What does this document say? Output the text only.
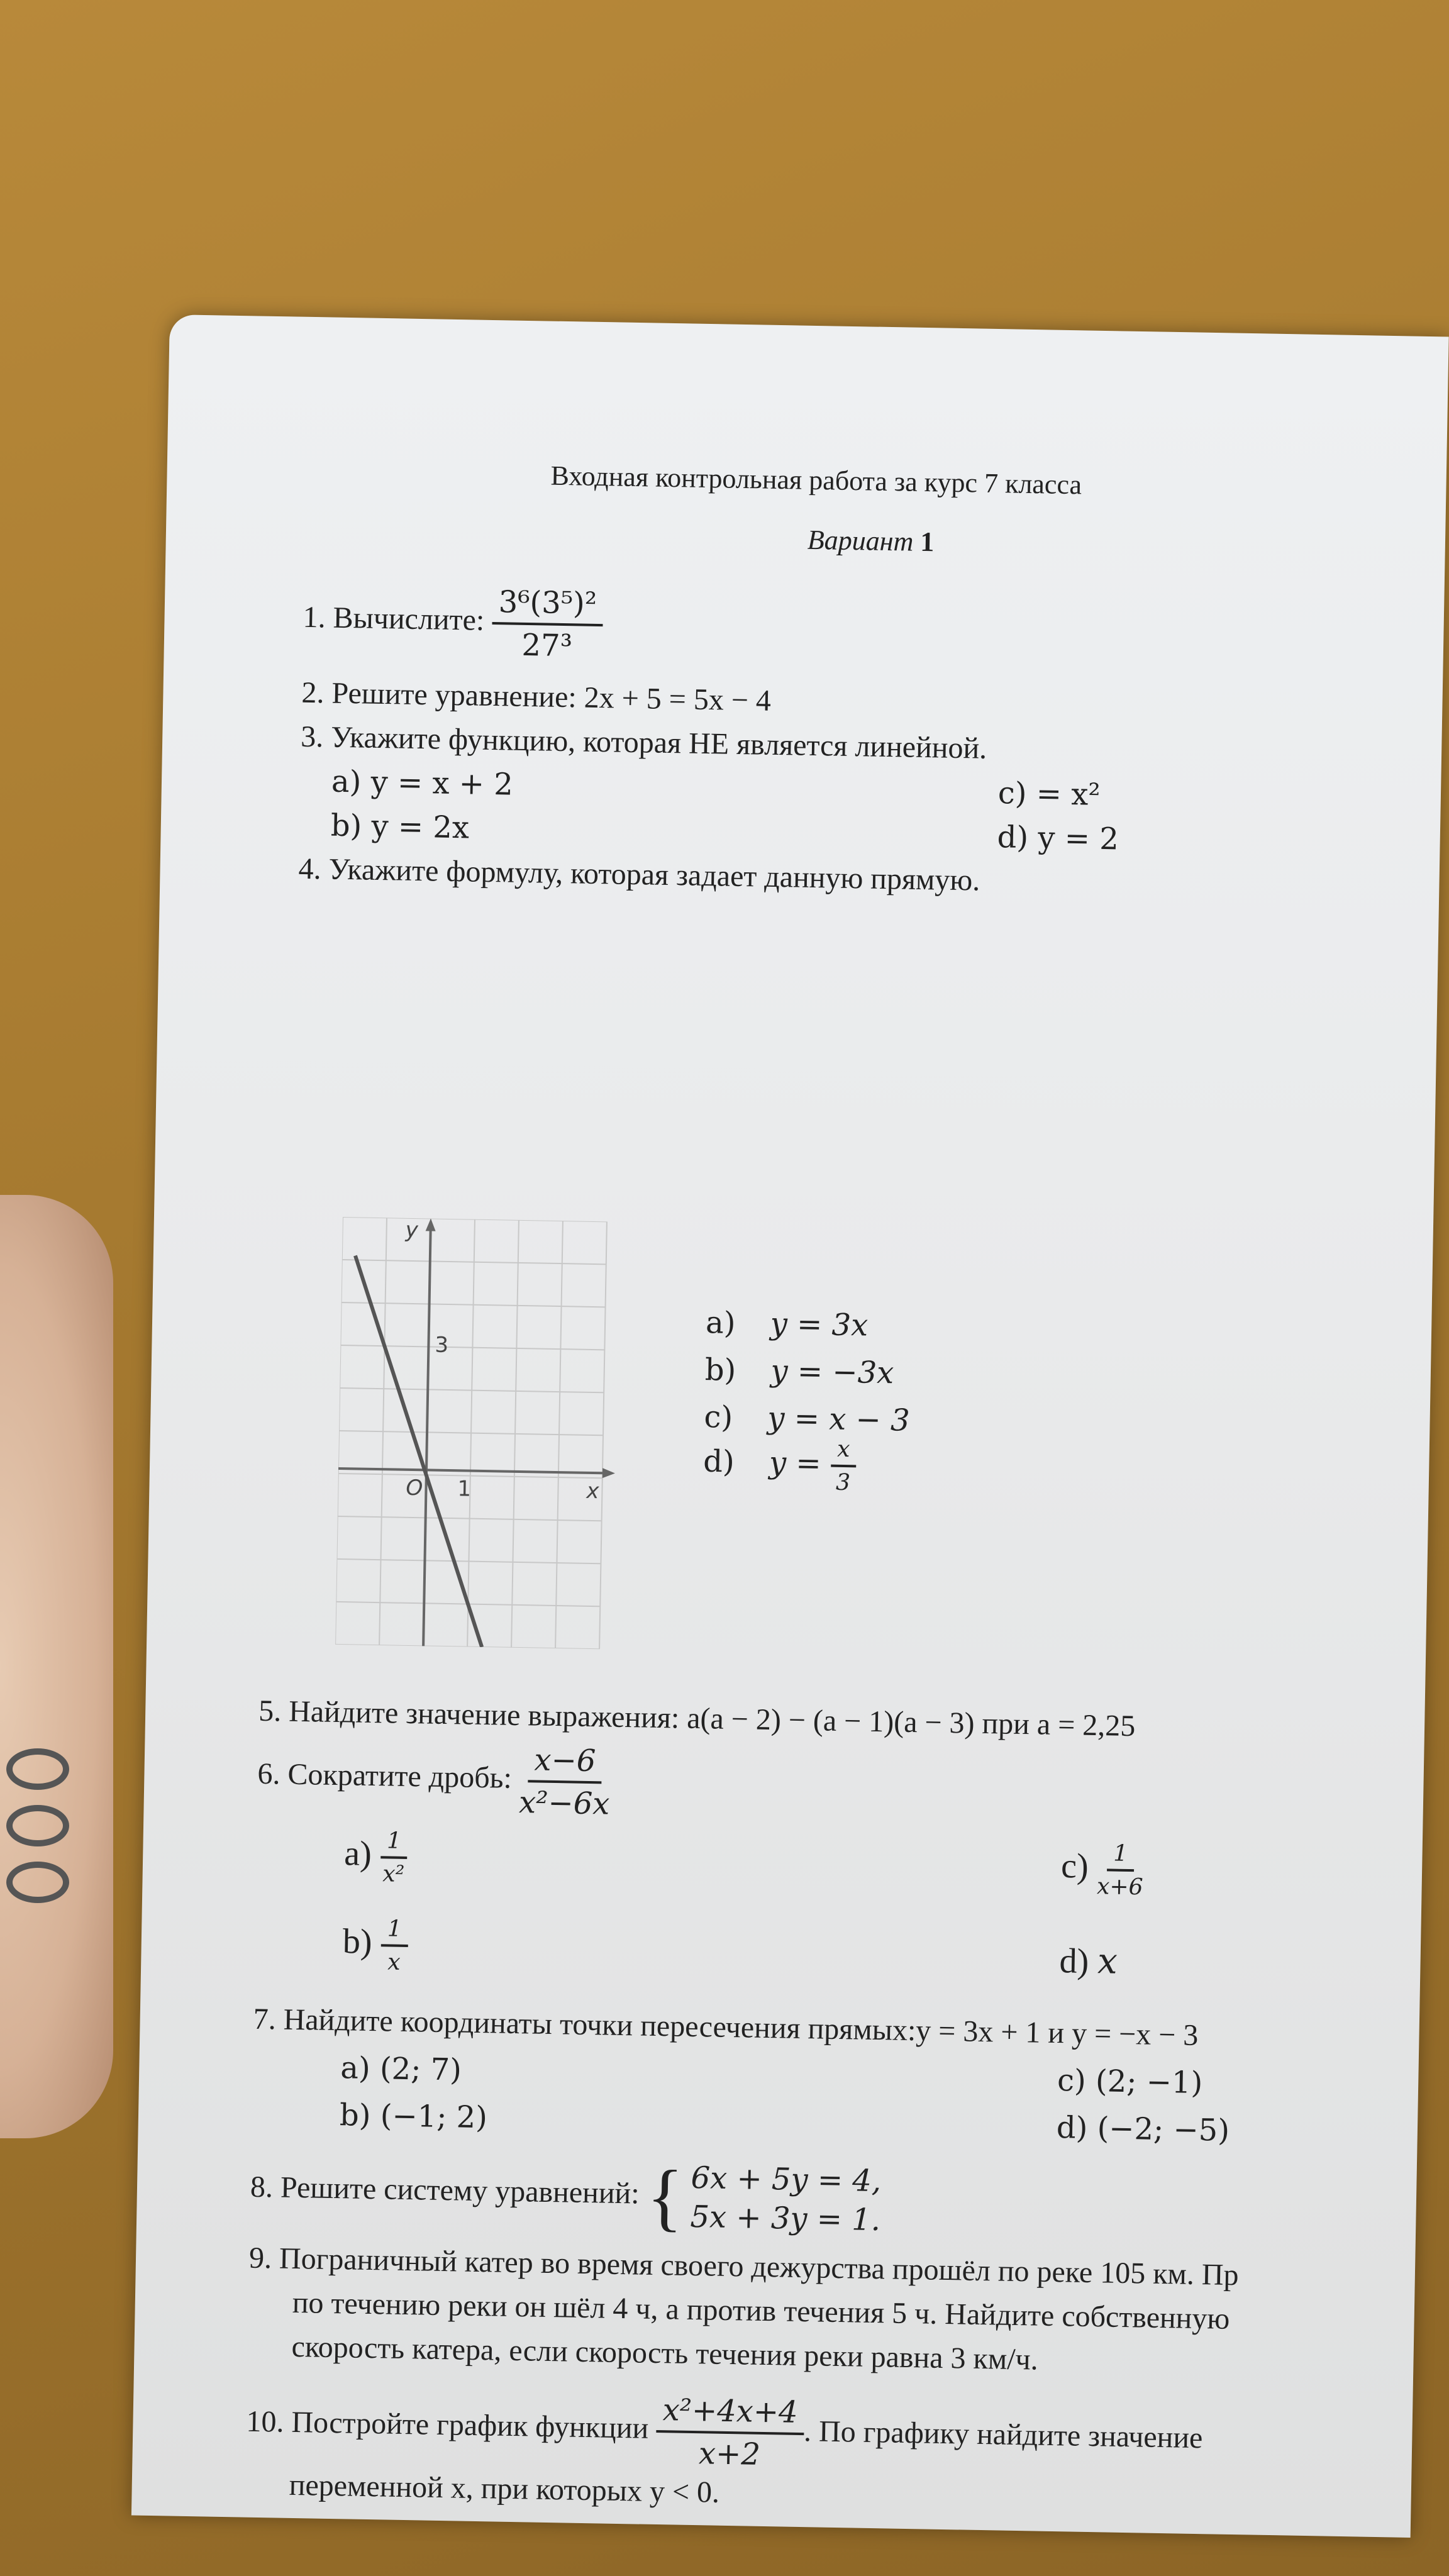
Входная контрольная работа за курс 7 класса
Вариант 1
1. Вычислите: $\frac{\text{3⁶(3⁵)²}}{\text{27³}}$
2. Решите уравнение: 2x + 5 = 5x − 4
3. Укажите функцию, которая НЕ является линейной.
a) y = x + 2
b) y = 2x
c) = x²
d) y = 2
4. Укажите формулу, которая задает данную прямую.
x
y
O 1
3
a) y = 3x
b) y = −3x
c) y = x − 3
d) $y = \frac{x}{3}$
5. Найдите значение выражения: a(a − 2) − (a − 1)(a − 3) при a = 2,25
6. Сократите дробь: $\frac{x-6}{\text{x²−6x}}$
$a) \frac{1}{\text{x²}}$
$b) \frac{1}{x}$
$c) \frac{1}{x+6}$
d) x
7. Найдите координаты точки пересечения прямых:y = 3x + 1 и y = −x − 3
a) (2; 7)
b) (−1; 2)
c) (2; −1)
d) (−2; −5)
8. Решите систему уравнений: { 6x + 5y = 4,
5x + 3y = 1.
9. Пограничный катер во время своего дежурства прошёл по реке 105 км. Пр
по течению реки он шёл 4 ч, а против течения 5 ч. Найдите собственную
скорость катера, если скорость течения реки равна 3 км/ч.
10. Постройте график функции $\frac{\text{x²+4x+4}}{x+2}$
. По графику найдите значение
переменной x, при которых y < 0.
